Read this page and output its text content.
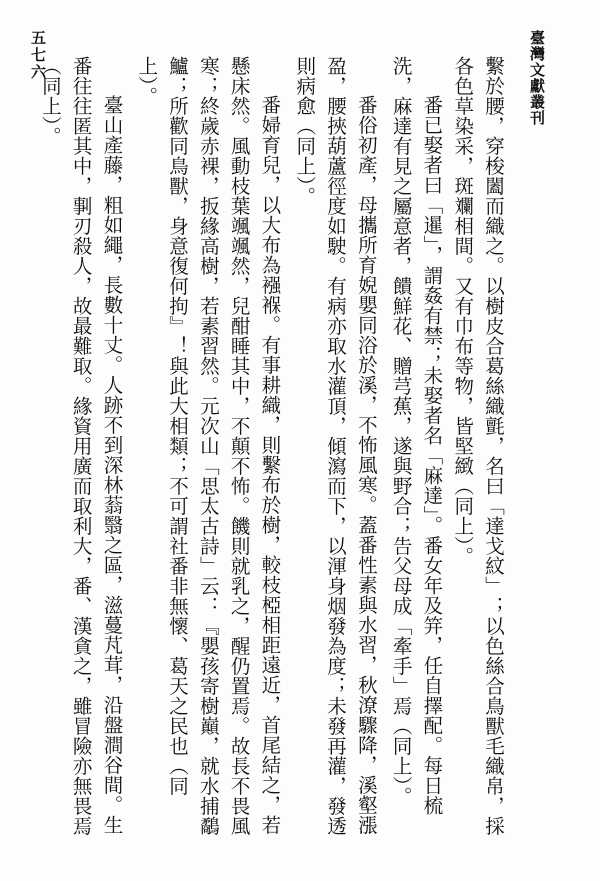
臺灣文獻叢刊
五七六

繫於腰，穿梭闔而織之。以樹皮合葛絲織氈，名曰「達戈紋」；以色絲合鳥獸毛織帛，採各色草染采，斑斕相間。又有巾布等物，皆堅緻（同上）。

番已娶者曰「暹」，謂姦有禁；未娶者名「麻達」。番女年及笄，任自擇配。每日梳洗，麻達有見之屬意者，饋鮮花、贈芎蕉，遂與野合；告父母成「牽手」焉（同上）。

番俗初產，母攜所育婗嬰同浴於溪，不怖風寒。蓋番性素與水習，秋潦驟降，溪壑漲盈，腰挾葫蘆徑度如駛。有病亦取水灌頂，傾瀉而下，以渾身烟發為度；未發再灌，發透則病愈（同上）。

番婦育兒，以大布為襁褓。有事耕織，則繫布於樹，較枝椏相距遠近，首尾結之，若懸床然。風動枝葉颯颯然，兒酣睡其中，不顛不怖。饑則就乳之，醒仍置焉。故長不畏風寒；終歲赤裸，扳緣高樹，若素習然。元次山「思太古詩」云：『嬰孩寄樹巔，就水捕鷸鱸；所歡同鳥獸，身意復何拘』！與此大相類；不可謂社番非無懷、葛天之民也（同上）。

臺山產藤，粗如繩，長數十丈。人跡不到深林蓊翳之區，滋蔓芃茸，沿盤澗谷間。生番往往匿其中，剚刃殺人，故最難取。緣資用廣而取利大，番、漢貪之，雖冒險亦無畏焉（同上）。
